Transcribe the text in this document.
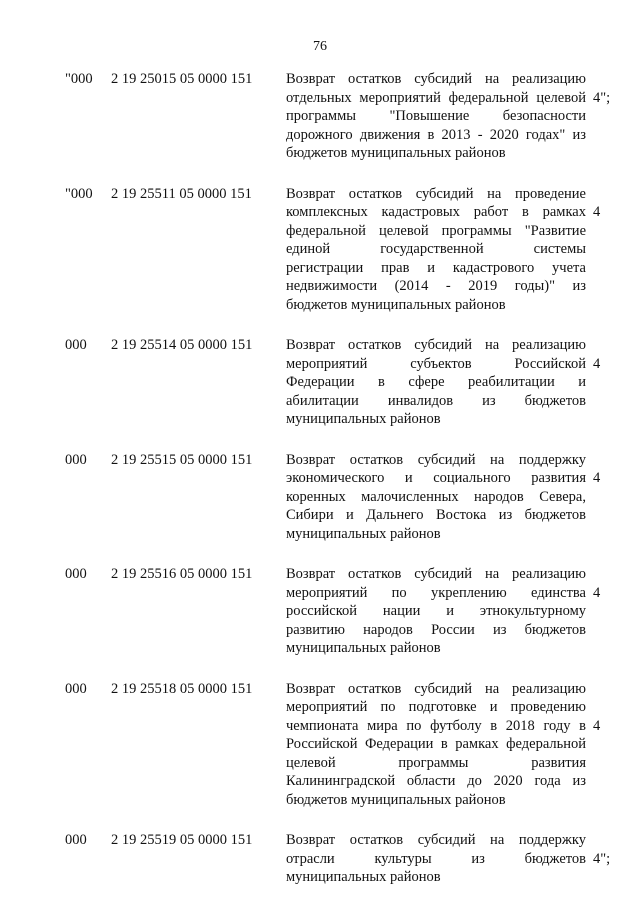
76
"000 2 19 25015 05 0000 151 Возврат остатков субсидий на реализацию
отдельных мероприятий федеральной целевой
программы "Повышение безопасности
дорожного движения в 2013 - 2020 годах" из
бюджетов муниципальных районов
4";
"000 2 19 25511 05 0000 151 Возврат остатков субсидий на проведение
комплексных кадастровых работ в рамках
федеральной целевой программы "Развитие
единой государственной системы
регистрации прав и кадастрового учета
недвижимости (2014 - 2019 годы)" из
бюджетов муниципальных районов
4
000 2 19 25514 05 0000 151 Возврат остатков субсидий на реализацию
мероприятий субъектов Российской
Федерации в сфере реабилитации и
абилитации инвалидов из бюджетов
муниципальных районов
4
000 2 19 25515 05 0000 151 Возврат остатков субсидий на поддержку
экономического и социального развития
коренных малочисленных народов Севера,
Сибири и Дальнего Востока из бюджетов
муниципальных районов
4
000 2 19 25516 05 0000 151 Возврат остатков субсидий на реализацию
мероприятий по укреплению единства
российской нации и этнокультурному
развитию народов России из бюджетов
муниципальных районов
4
000 2 19 25518 05 0000 151 Возврат остатков субсидий на реализацию
мероприятий по подготовке и проведению
чемпионата мира по футболу в 2018 году в
Российской Федерации в рамках федеральной
целевой программы развития
Калининградской области до 2020 года из
бюджетов муниципальных районов
4
000 2 19 25519 05 0000 151 Возврат остатков субсидий на поддержку
отрасли культуры из бюджетов
муниципальных районов
4";
